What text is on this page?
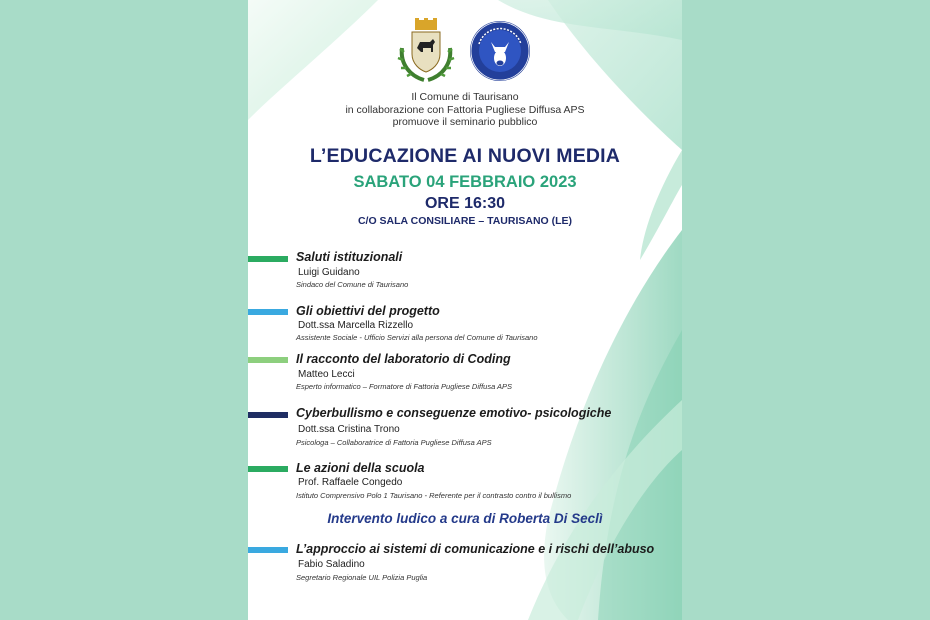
Il Comune di Taurisano
in collaborazione con Fattoria Pugliese Diffusa APS
promuove il seminario pubblico
L’EDUCAZIONE AI NUOVI MEDIA
SABATO 04 FEBBRAIO 2023
ORE 16:30
C/O SALA CONSILIARE – TAURISANO (LE)
Saluti istituzionali
Luigi Guidano
Sindaco del Comune di Taurisano
Gli obiettivi del progetto
Dott.ssa Marcella Rizzello
Assistente Sociale - Ufficio Servizi alla persona del Comune di Taurisano
Il racconto del laboratorio di Coding
Matteo Lecci
Esperto informatico – Formatore di Fattoria Pugliese Diffusa APS
Cyberbullismo e conseguenze emotivo- psicologiche
Dott.ssa Cristina Trono
Psicologa – Collaboratrice di Fattoria Pugliese Diffusa APS
Le azioni della scuola
Prof. Raffaele Congedo
Istituto Comprensivo Polo 1 Taurisano - Referente per il contrasto contro il bullismo
Intervento ludico a cura di Roberta Di Seclì
L’approccio ai sistemi di comunicazione e i rischi dell’abuso
Fabio Saladino
Segretario Regionale UIL Polizia Puglia
